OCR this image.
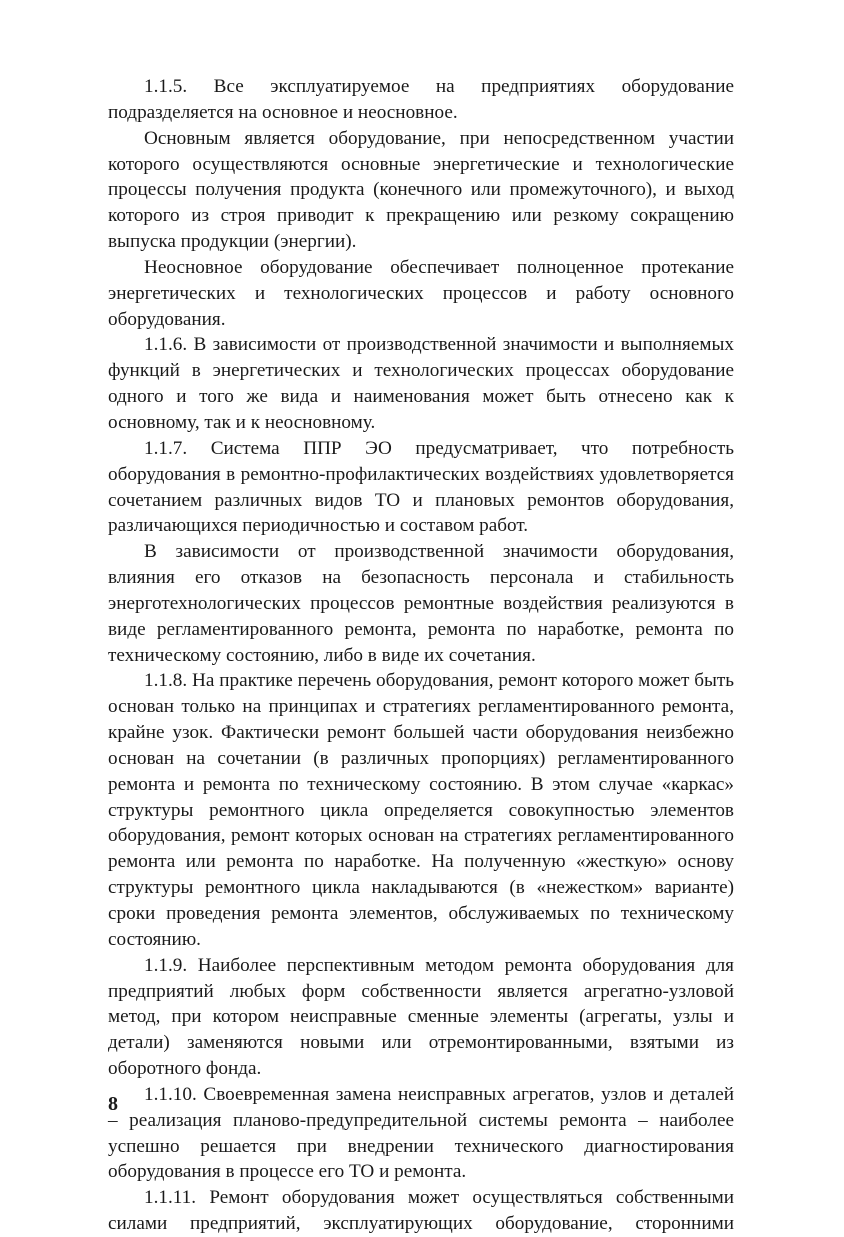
1.1.5. Все эксплуатируемое на предприятиях оборудование подразделяется на основное и неосновное.

Основным является оборудование, при непосредственном участии которого осуществляются основные энергетические и технологические процессы получения продукта (конечного или промежуточного), и выход которого из строя приводит к прекращению или резкому сокращению выпуска продукции (энергии).

Неосновное оборудование обеспечивает полноценное протекание энергетических и технологических процессов и работу основного оборудования.

1.1.6. В зависимости от производственной значимости и выполняемых функций в энергетических и технологических процессах оборудование одного и того же вида и наименования может быть отнесено как к основному, так и к неосновному.

1.1.7. Система ППР ЭО предусматривает, что потребность оборудования в ремонтно-профилактических воздействиях удовлетворяется сочетанием различных видов ТО и плановых ремонтов оборудования, различающихся периодичностью и составом работ.

В зависимости от производственной значимости оборудования, влияния его отказов на безопасность персонала и стабильность энерготехнологических процессов ремонтные воздействия реализуются в виде регламентированного ремонта, ремонта по наработке, ремонта по техническому состоянию, либо в виде их сочетания.

1.1.8. На практике перечень оборудования, ремонт которого может быть основан только на принципах и стратегиях регламентированного ремонта, крайне узок. Фактически ремонт большей части оборудования неизбежно основан на сочетании (в различных пропорциях) регламентированного ремонта и ремонта по техническому состоянию. В этом случае «каркас» структуры ремонтного цикла определяется совокупностью элементов оборудования, ремонт которых основан на стратегиях регламентированного ремонта или ремонта по наработке. На полученную «жесткую» основу структуры ремонтного цикла накладываются (в «нежестком» варианте) сроки проведения ремонта элементов, обслуживаемых по техническому состоянию.

1.1.9. Наиболее перспективным методом ремонта оборудования для предприятий любых форм собственности является агрегатно-узловой метод, при котором неисправные сменные элементы (агрегаты, узлы и детали) заменяются новыми или отремонтированными, взятыми из оборотного фонда.

1.1.10. Своевременная замена неисправных агрегатов, узлов и деталей – реализация планово-предупредительной системы ремонта – наиболее успешно решается при внедрении технического диагностирования оборудования в процессе его ТО и ремонта.

1.1.11. Ремонт оборудования может осуществляться собственными силами предприятий, эксплуатирующих оборудование, сторонними

8
